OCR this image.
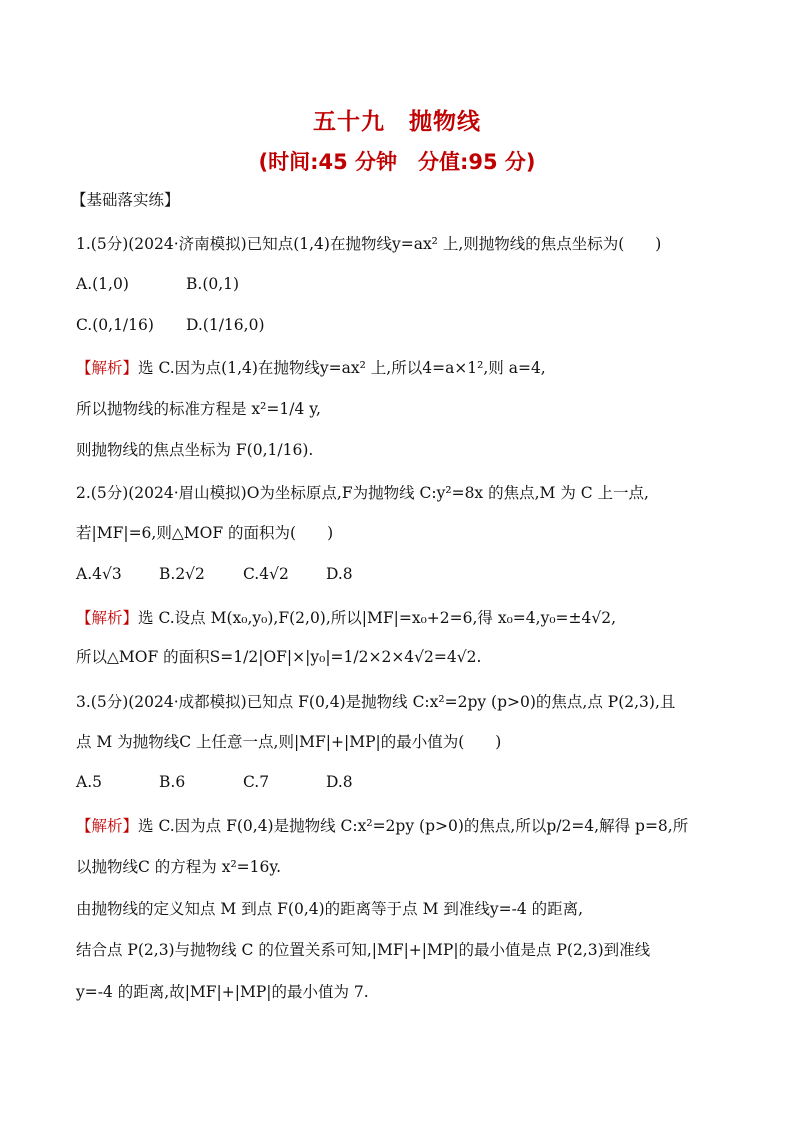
五十九　抛物线
(时间:45 分钟　分值:95 分)
【基础落实练】
1.(5分)(2024·济南模拟)已知点(1,4)在抛物线y=ax² 上,则抛物线的焦点坐标为(　　)
A.(1,0)	B.(0,1)
C.(0,1/16) D.(1/16,0)
【解析】选 C.因为点(1,4)在抛物线y=ax² 上,所以4=a×1²,则 a=4,
所以抛物线的标准方程是 x²=1/4 y,
则抛物线的焦点坐标为 F(0,1/16).
2.(5分)(2024·眉山模拟)O为坐标原点,F为抛物线 C:y²=8x 的焦点,M 为 C 上一点,
若|MF|=6,则△MOF 的面积为(　　)
A.4√3 B.2√2 C.4√2 D.8
【解析】选 C.设点 M(x₀,y₀),F(2,0),所以|MF|=x₀+2=6,得 x₀=4,y₀=±4√2,
所以△MOF 的面积S=1/2|OF|×|y₀|=1/2×2×4√2=4√2.
3.(5分)(2024·成都模拟)已知点 F(0,4)是抛物线 C:x²=2py (p>0)的焦点,点 P(2,3),且
点 M 为抛物线C 上任意一点,则|MF|+|MP|的最小值为(　　)
A.5	B.6	C.7	D.8
【解析】选 C.因为点 F(0,4)是抛物线 C:x²=2py (p>0)的焦点,所以p/2=4,解得 p=8,所
以抛物线C 的方程为 x²=16y.
由抛物线的定义知点 M 到点 F(0,4)的距离等于点 M 到准线y=-4 的距离,
结合点 P(2,3)与抛物线 C 的位置关系可知,|MF|+|MP|的最小值是点 P(2,3)到准线
y=-4 的距离,故|MF|+|MP|的最小值为 7.
